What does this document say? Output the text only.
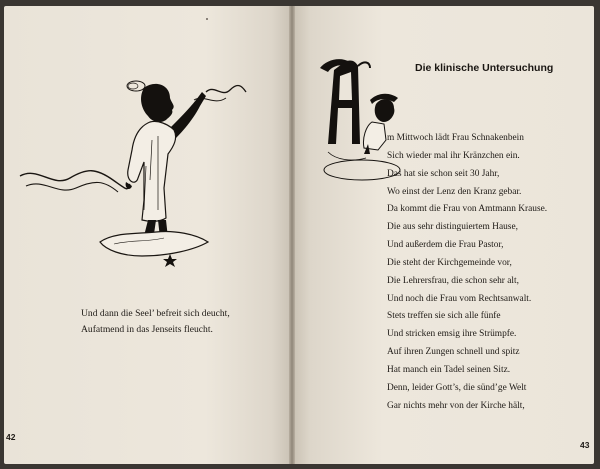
Und dann die Seel’ befreit sich deucht,
Aufatmend in das Jenseits fleucht.
42
Die klinische Untersuchung
m Mittwoch lädt Frau Schnakenbein
Sich wieder mal ihr Kränzchen ein.
Das hat sie schon seit 30 Jahr,
Wo einst der Lenz den Kranz gebar.
Da kommt die Frau von Amtmann Krause.
Die aus sehr distinguiertem Hause,
Und außerdem die Frau Pastor,
Die steht der Kirchgemeinde vor,
Die Lehrersfrau, die schon sehr alt,
Und noch die Frau vom Rechtsanwalt.
Stets treffen sie sich alle fünfe
Und stricken emsig ihre Strümpfe.
Auf ihren Zungen schnell und spitz
Hat manch ein Tadel seinen Sitz.
Denn, leider Gott’s, die sünd’ge Welt
Gar nichts mehr von der Kirche hält,
43
